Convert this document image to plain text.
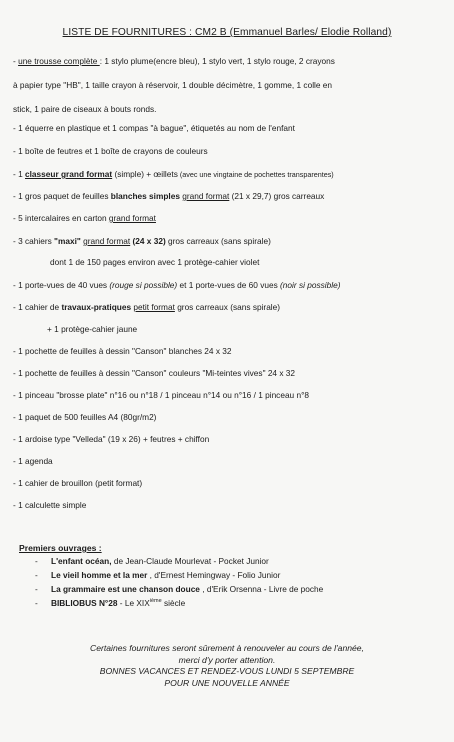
LISTE DE FOURNITURES : CM2 B (Emmanuel Barles/ Elodie Rolland)
- une trousse complète : 1 stylo plume(encre bleu), 1 stylo vert, 1 stylo rouge, 2 crayons
à papier type "HB", 1 taille crayon à réservoir, 1 double décimètre, 1 gomme, 1 colle en
stick, 1 paire de ciseaux à bouts ronds.
- 1 équerre en plastique et 1 compas "à bague", étiquetés au nom de l'enfant
- 1 boîte de feutres et 1 boîte de crayons de couleurs
- 1 classeur grand format (simple) + œillets (avec une vingtaine de pochettes transparentes)
- 1 gros paquet de feuilles blanches simples grand format (21 x 29,7) gros carreaux
- 5 intercalaires en carton grand format
- 3 cahiers "maxi" grand format (24 x 32) gros carreaux (sans spirale)
dont 1 de 150 pages environ avec 1 protège-cahier violet
- 1 porte-vues de 40 vues (rouge si possible) et 1 porte-vues de 60 vues (noir si possible)
- 1 cahier de travaux-pratiques petit format gros carreaux (sans spirale)
+ 1 protège-cahier jaune
- 1 pochette de feuilles à dessin "Canson" blanches 24 x 32
- 1 pochette de feuilles à dessin "Canson" couleurs "Mi-teintes vives" 24 x 32
- 1 pinceau "brosse plate" n°16 ou n°18 / 1 pinceau n°14 ou n°16 / 1 pinceau n°8
- 1 paquet de 500 feuilles A4 (80gr/m2)
- 1 ardoise type "Velleda" (19 x 26) + feutres + chiffon
- 1 agenda
- 1 cahier de brouillon (petit format)
- 1 calculette simple
Premiers ouvrages :
- L'enfant océan, de Jean-Claude Mourlevat - Pocket Junior
- Le vieil homme et la mer , d'Ernest Hemingway - Folio Junior
- La grammaire est une chanson douce , d'Erik Orsenna - Livre de poche
- BIBLIOBUS N°28 - Le XIXième siècle
Certaines fournitures seront sûrement à renouveler au cours de l'année,
merci d'y porter attention.
BONNES VACANCES ET RENDEZ-VOUS LUNDI 5 SEPTEMBRE
POUR UNE NOUVELLE ANNÉE
